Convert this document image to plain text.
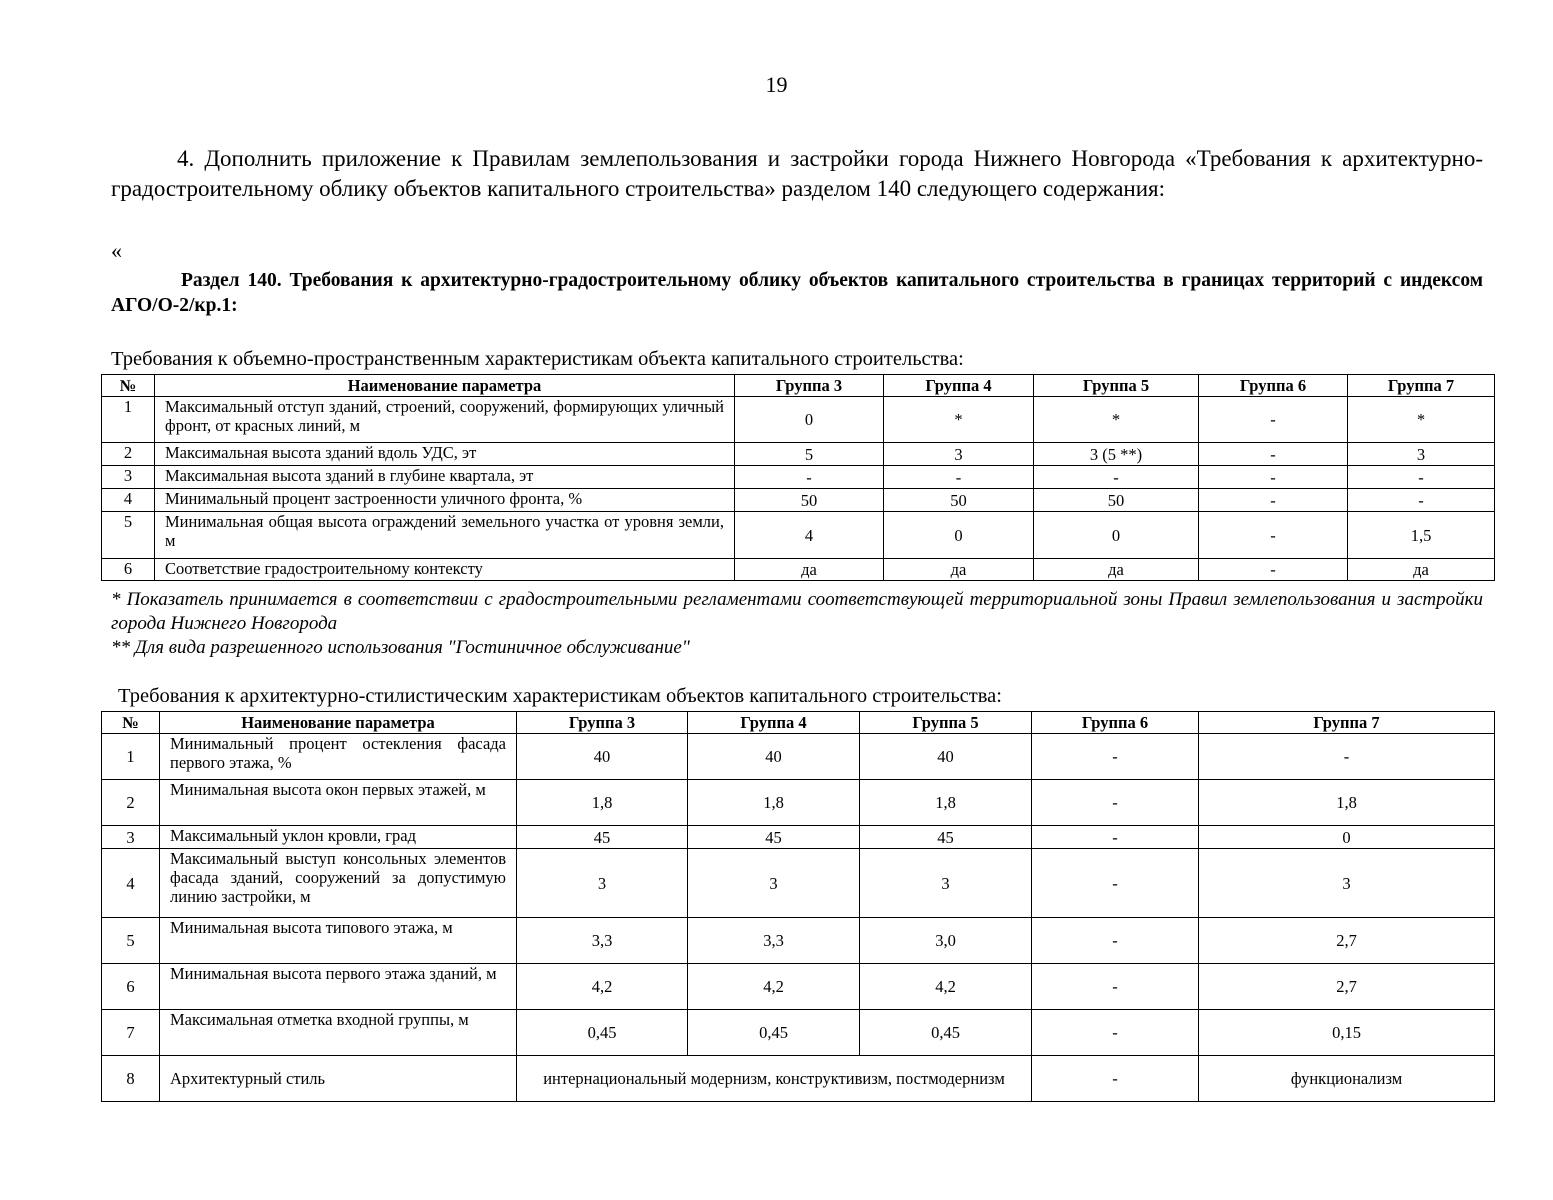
19

4. Дополнить приложение к Правилам землепользования и застройки города Нижнего Новгорода «Требования к архитектурно-градостроительному облику объектов капитального строительства» разделом 140 следующего содержания:

«

Раздел 140. Требования к архитектурно-градостроительному облику объектов капитального строительства в границах территорий с индексом АГО/О-2/кр.1:

Требования к объемно-пространственным характеристикам объекта капитального строительства:
№	Наименование параметра	Группа 3	Группа 4	Группа 5	Группа 6	Группа 7
1	Максимальный отступ зданий, строений, сооружений, формирующих уличный фронт, от красных линий, м	0	*	*	-	*
2	Максимальная высота зданий вдоль УДС, эт	5	3	3 (5 **)	-	3
3	Максимальная высота зданий в глубине квартала, эт	-	-	-	-	-
4	Минимальный процент застроенности уличного фронта, %	50	50	50	-	-
5	Минимальная общая высота ограждений земельного участка от уровня земли, м	4	0	0	-	1,5
6	Соответствие градостроительному контексту	да	да	да	-	да

* Показатель принимается в соответствии с градостроительными регламентами соответствующей территориальной зоны Правил землепользования и застройки города Нижнего Новгорода

** Для вида разрешенного использования "Гостиничное обслуживание"

Требования к архитектурно-стилистическим характеристикам объектов капитального строительства:
№	Наименование параметра	Группа 3	Группа 4	Группа 5	Группа 6	Группа 7
1	Минимальный процент остекления фасада первого этажа, %	40	40	40	-	-
2	Минимальная высота окон первых этажей, м	1,8	1,8	1,8	-	1,8
3	Максимальный уклон кровли, град	45	45	45	-	0
4	Максимальный выступ консольных элементов фасада зданий, сооружений за допустимую линию застройки, м	3	3	3	-	3
5	Минимальная высота типового этажа, м	3,3	3,3	3,0	-	2,7
6	Минимальная высота первого этажа зданий, м	4,2	4,2	4,2	-	2,7
7	Максимальная отметка входной группы, м	0,45	0,45	0,45	-	0,15
8	Архитектурный стиль	интернациональный модернизм, конструктивизм, постмодернизм			-	функционализм
